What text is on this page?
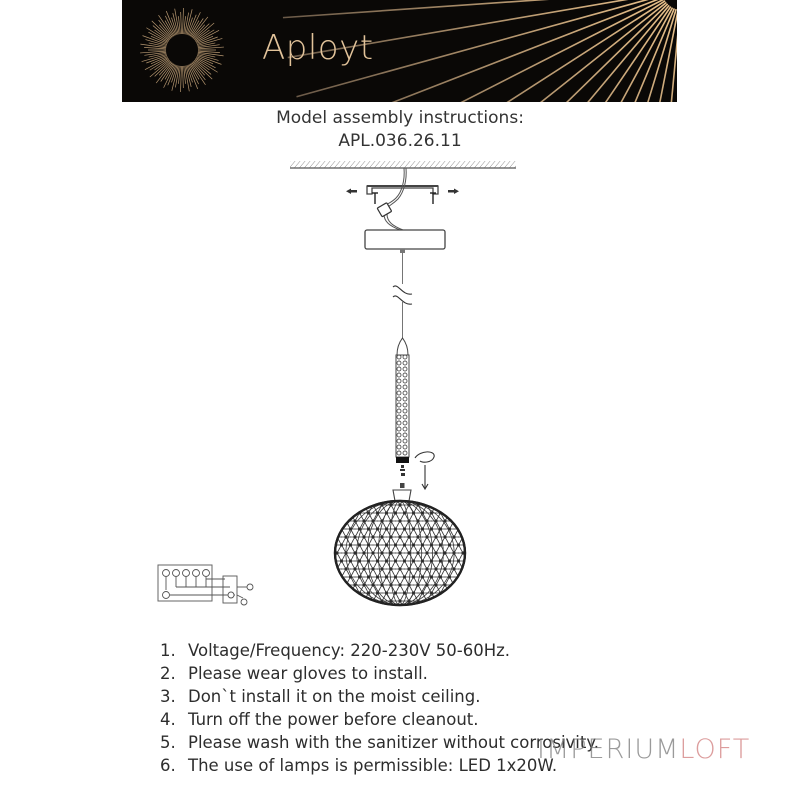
Aployt
Model assembly instructions:
APL.036.26.11
1. Voltage/Frequency: 220-230V 50-60Hz.
2. Please wear gloves to install.
3. Don`t install it on the moist ceiling.
4. Turn off the power before cleanout.
5. Please wash with the sanitizer without corrosivity.
6. The use of lamps is permissible: LED 1x20W.
IMPERIUMLOFT
